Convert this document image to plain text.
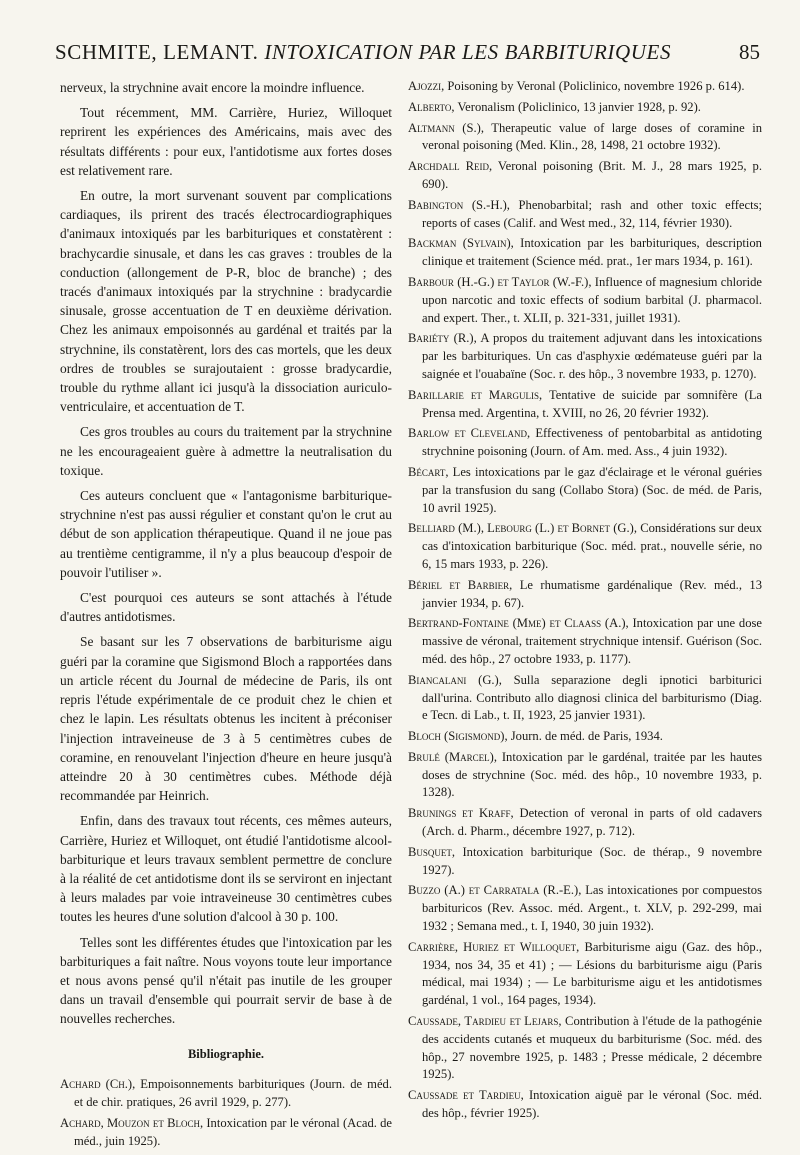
SCHMITE, LEMANT. INTOXICATION PAR LES BARBITURIQUES	85

nerveux, la strychnine avait encore la moindre influence.

Tout récemment, MM. Carrière, Huriez, Willoquet reprirent les expériences des Américains, mais avec des résultats différents : pour eux, l'antidotisme aux fortes doses est relativement rare.

En outre, la mort survenant souvent par complications cardiaques, ils prirent des tracés électrocardiographiques d'animaux intoxiqués par les barbituriques et constatèrent : brachycardie sinusale, et dans les cas graves : troubles de la conduction (allongement de P-R, bloc de branche) ; des tracés d'animaux intoxiqués par la strychnine : bradycardie sinusale, grosse accentuation de T en deuxième dérivation. Chez les animaux empoisonnés au gardénal et traités par la strychnine, ils constatèrent, lors des cas mortels, que les deux ordres de troubles se surajoutaient : grosse bradycardie, trouble du rythme allant ici jusqu'à la dissociation auriculo-ventriculaire, et accentuation de T.

Ces gros troubles au cours du traitement par la strychnine ne les encourageaient guère à admettre la neutralisation du toxique.

Ces auteurs concluent que « l'antagonisme barbiturique-strychnine n'est pas aussi régulier et constant qu'on le crut au début de son application thérapeutique. Quand il ne joue pas au trentième centigramme, il n'y a plus beaucoup d'espoir de pouvoir l'utiliser ».

C'est pourquoi ces auteurs se sont attachés à l'étude d'autres antidotismes.

Se basant sur les 7 observations de barbiturisme aigu guéri par la coramine que Sigismond Bloch a rapportées dans un article récent du Journal de médecine de Paris, ils ont repris l'étude expérimentale de ce produit chez le chien et chez le lapin. Les résultats obtenus les incitent à préconiser l'injection intraveineuse de 3 à 5 centimètres cubes de coramine, en renouvelant l'injection d'heure en heure jusqu'à atteindre 20 à 30 centimètres cubes. Méthode déjà recommandée par Heinrich.

Enfin, dans des travaux tout récents, ces mêmes auteurs, Carrière, Huriez et Willoquet, ont étudié l'antidotisme alcool-barbiturique et leurs travaux semblent permettre de conclure à la réalité de cet antidotisme dont ils se serviront en injectant à leurs malades par voie intraveineuse 30 centimètres cubes toutes les heures d'une solution d'alcool à 30 p. 100.

Telles sont les différentes études que l'intoxication par les barbituriques a fait naître. Nous voyons toute leur importance et nous avons pensé qu'il n'était pas inutile de les grouper dans un travail d'ensemble qui pourrait servir de base à de nouvelles recherches.

Bibliographie.
Achard (Ch.), Empoisonnements barbituriques (Journ. de méd. et de chir. pratiques, 26 avril 1929, p. 277).
Achard, Mouzon et Bloch, Intoxication par le véronal (Acad. de méd., juin 1925).
Ajozzi, Poisoning by Veronal (Policlinico, novembre 1926 p. 614).
Alberto, Veronalism (Policlinico, 13 janvier 1928, p. 92).
Altmann (S.), Therapeutic value of large doses of coramine in veronal poisoning (Med. Klin., 28, 1498, 21 octobre 1932).
Archdall Reid, Veronal poisoning (Brit. M. J., 28 mars 1925, p. 690).
Babington (S.-H.), Phenobarbital; rash and other toxic effects; reports of cases (Calif. and West med., 32, 114, février 1930).
Backman (Sylvain), Intoxication par les barbituriques, description clinique et traitement (Science méd. prat., 1er mars 1934, p. 161).
Barbour (H.-G.) et Taylor (W.-F.), Influence of magnesium chloride upon narcotic and toxic effects of sodium barbital (J. pharmacol. and expert. Ther., t. XLII, p. 321-331, juillet 1931).
Bariéty (R.), A propos du traitement adjuvant dans les intoxications par les barbituriques. Un cas d'asphyxie œdémateuse guéri par la saignée et l'ouabaïne (Soc. r. des hôp., 3 novembre 1933, p. 1270).
Barillarie et Margulis, Tentative de suicide par somnifère (La Prensa med. Argentina, t. XVIII, no 26, 20 février 1932).
Barlow et Cleveland, Effectiveness of pentobarbital as antidoting strychnine poisoning (Journ. of Am. med. Ass., 4 juin 1932).
Bécart, Les intoxications par le gaz d'éclairage et le véronal guéries par la transfusion du sang (Collabo Stora) (Soc. de méd. de Paris, 10 avril 1925).
Belliard (M.), Lebourg (L.) et Bornet (G.), Considérations sur deux cas d'intoxication barbiturique (Soc. méd. prat., nouvelle série, no 6, 15 mars 1933, p. 226).
Bériel et Barbier, Le rhumatisme gardénalique (Rev. méd., 13 janvier 1934, p. 67).
Bertrand-Fontaine (Mme) et Claass (A.), Intoxication par une dose massive de véronal, traitement strychnique intensif. Guérison (Soc. méd. des hôp., 27 octobre 1933, p. 1177).
Biancalani (G.), Sulla separazione degli ipnotici barbiturici dall'urina. Contributo allo diagnosi clinica del barbiturismo (Diag. e Tecn. di Lab., t. II, 1923, 25 janvier 1931).
Bloch (Sigismond), Journ. de méd. de Paris, 1934.
Brulé (Marcel), Intoxication par le gardénal, traitée par les hautes doses de strychnine (Soc. méd. des hôp., 10 novembre 1933, p. 1328).
Brunings et Kraff, Detection of veronal in parts of old cadavers (Arch. d. Pharm., décembre 1927, p. 712).
Busquet, Intoxication barbiturique (Soc. de thérap., 9 novembre 1927).
Buzzo (A.) et Carratala (R.-E.), Las intoxicationes por compuestos barbituricos (Rev. Assoc. méd. Argent., t. XLV, p. 292-299, mai 1932 ; Semana med., t. I, 1940, 30 juin 1932).
Carrière, Huriez et Willoquet, Barbiturisme aigu (Gaz. des hôp., 1934, nos 34, 35 et 41) ; — Lésions du barbiturisme aigu (Paris médical, mai 1934) ; — Le barbiturisme aigu et les antidotismes gardénal, 1 vol., 164 pages, 1934).
Caussade, Tardieu et Lejars, Contribution à l'étude de la pathogénie des accidents cutanés et muqueux du barbiturisme (Soc. méd. des hôp., 27 novembre 1925, p. 1483 ; Presse médicale, 2 décembre 1925).
Caussade et Tardieu, Intoxication aiguë par le véronal (Soc. méd. des hôp., février 1925).
